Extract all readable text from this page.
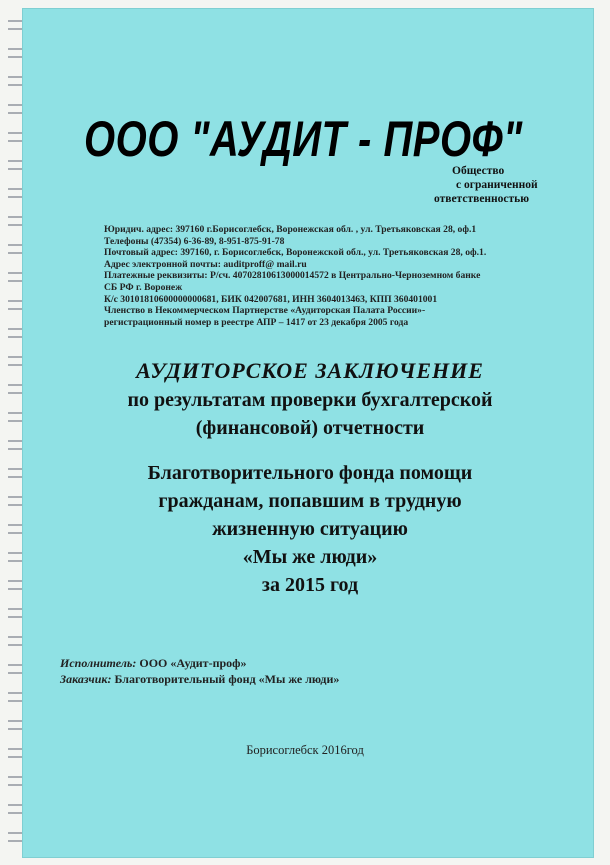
ООО "АУДИТ - ПРОФ"
Общество
с ограниченной
ответственностью
Юридич. адрес: 397160 г.Борисоглебск, Воронежская обл. , ул. Третьяковская 28, оф.1
Телефоны (47354) 6-36-89, 8-951-875-91-78
Почтовый адрес: 397160, г. Борисоглебск, Воронежской обл., ул. Третьяковская 28, оф.1.
Адрес электронной почты: auditproff@ mail.ru
Платежные реквизиты: Р/сч. 40702810613000014572 в Центрально-Черноземном банке
СБ РФ г. Воронеж
К/с 30101810600000000681, БИК 042007681, ИНН 3604013463, КПП 360401001
Членство в Некоммерческом Партнерстве «Аудиторская Палата России»-
регистрационный номер в реестре АПР – 1417 от 23 декабря 2005 года
АУДИТОРСКОЕ ЗАКЛЮЧЕНИЕ
по результатам проверки бухгалтерской
(финансовой) отчетности
Благотворительного фонда помощи
гражданам, попавшим в трудную
жизненную ситуацию
«Мы же люди»
за 2015 год
Исполнитель: ООО «Аудит-проф»
Заказчик: Благотворительный фонд «Мы же люди»
Борисоглебск 2016год
